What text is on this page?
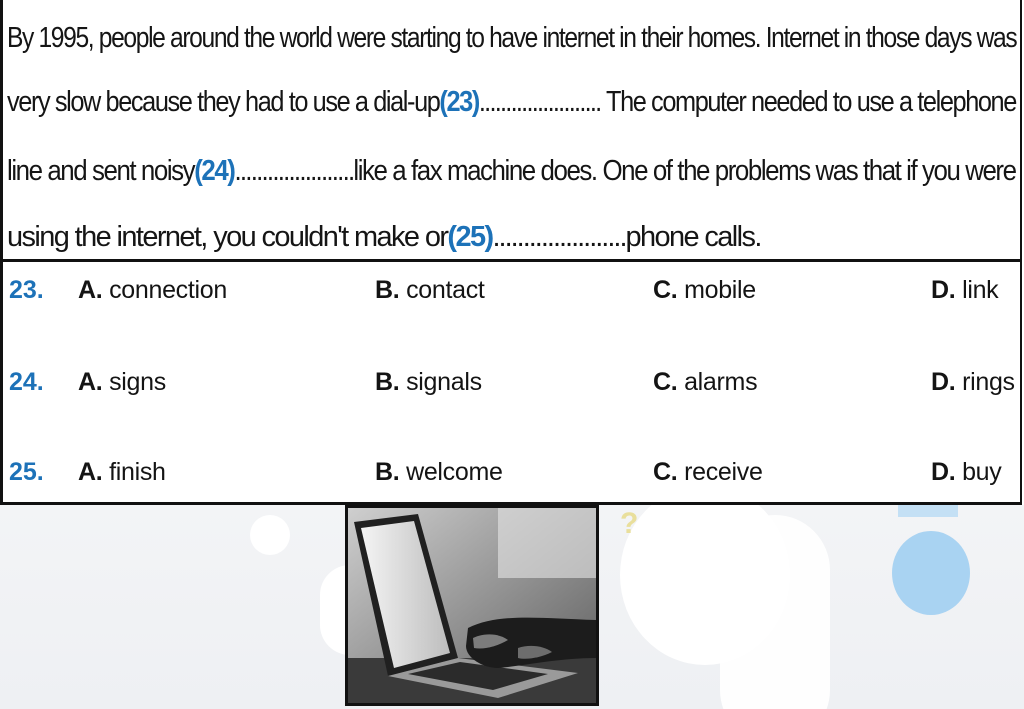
By 1995, people around the world were starting to have internet in their homes. Internet in those days was
very slow because they had to use a dial-up (23) ...................... . The computer needed to use a telephone
line and sent noisy (24) ...................... like a fax machine does. One of the problems was that if you were
using the internet, you couldn't make or (25) ...................... phone calls.
23. A. connection	B. contact	C. mobile	D. link
24. A. signs	B. signals	C. alarms	D. rings
25. A. finish	B. welcome	C. receive	D. buy
?
